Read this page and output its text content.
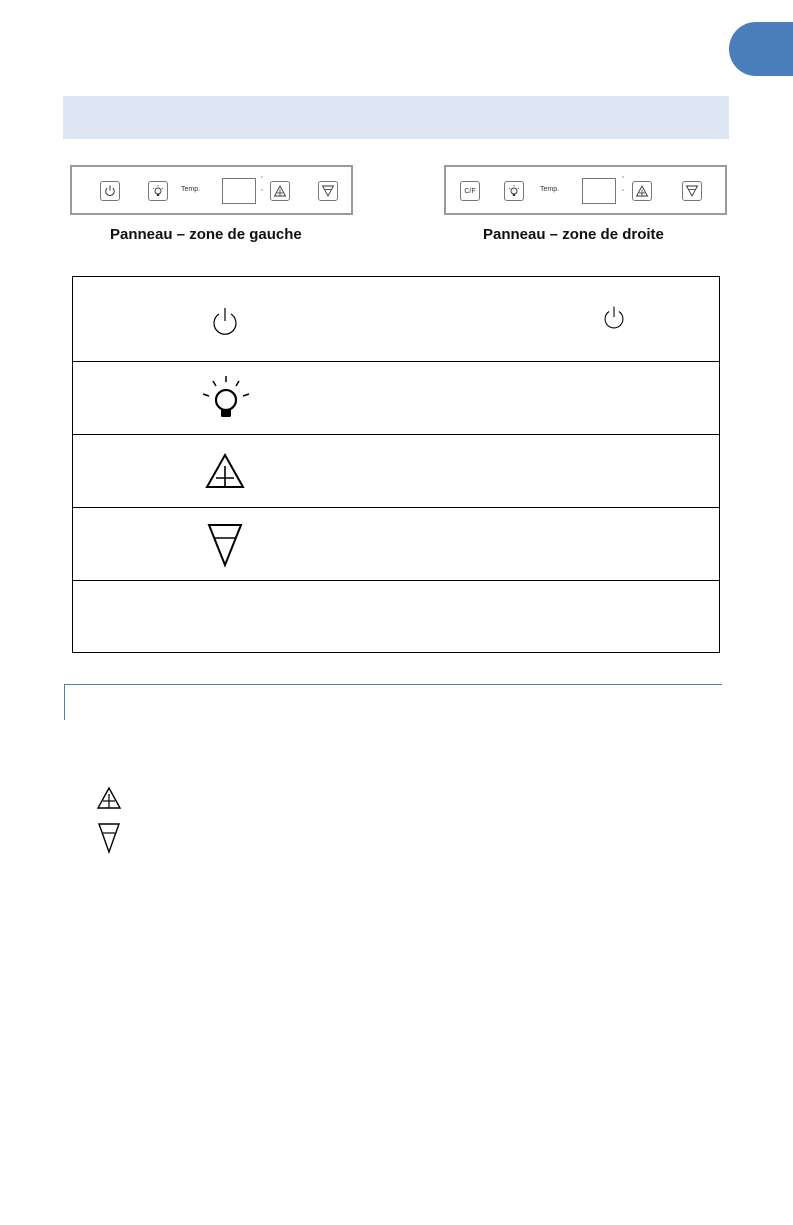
Temp.
°
°
Panneau – zone de gauche
C/F	Temp.
°
°
Panneau – zone de droite
